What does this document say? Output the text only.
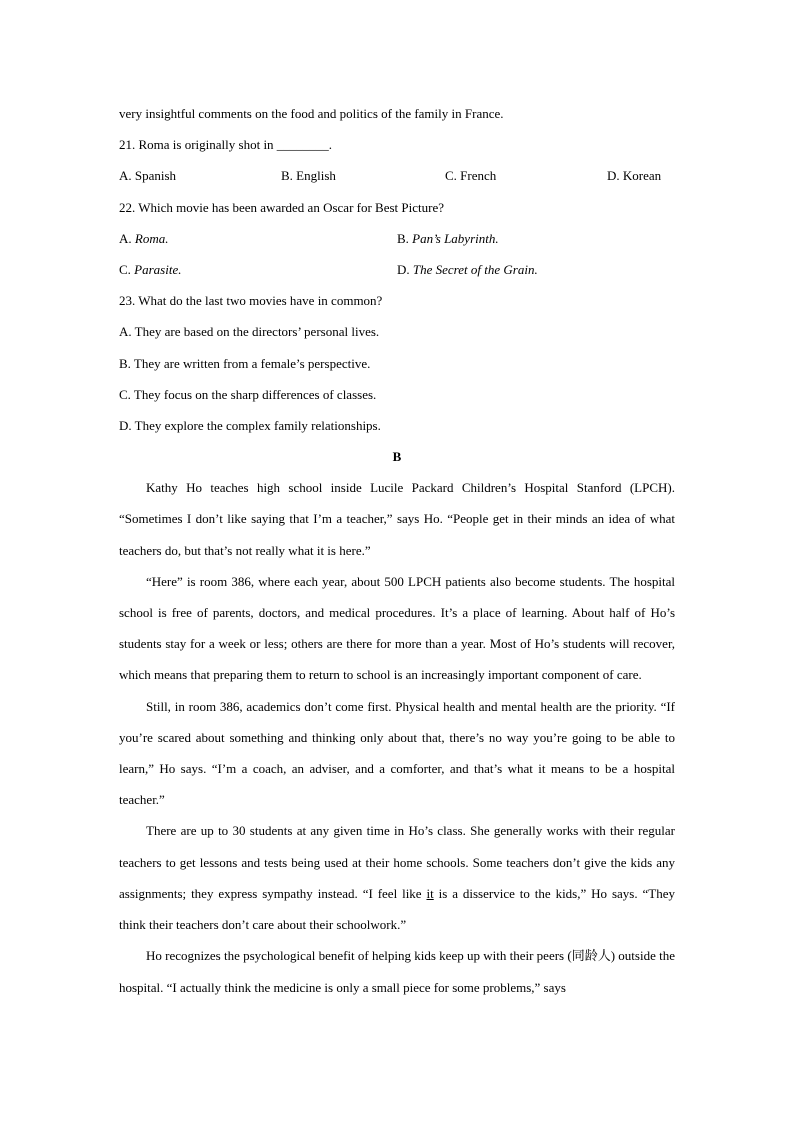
very insightful comments on the food and politics of the family in France.
21. Roma is originally shot in ________.
A. Spanish	B. English	C. French	D. Korean
22. Which movie has been awarded an Oscar for Best Picture?
A. Roma.	B. Pan’s Labyrinth.
C. Parasite.	D. The Secret of the Grain.
23. What do the last two movies have in common?
A. They are based on the directors’ personal lives.
B. They are written from a female’s perspective.
C. They focus on the sharp differences of classes.
D. They explore the complex family relationships.
B

Kathy Ho teaches high school inside Lucile Packard Children’s Hospital Stanford (LPCH). “Sometimes I don’t like saying that I’m a teacher,” says Ho. “People get in their minds an idea of what teachers do, but that’s not really what it is here.”

“Here” is room 386, where each year, about 500 LPCH patients also become students. The hospital school is free of parents, doctors, and medical procedures. It’s a place of learning. About half of Ho’s students stay for a week or less; others are there for more than a year. Most of Ho’s students will recover, which means that preparing them to return to school is an increasingly important component of care.

Still, in room 386, academics don’t come first. Physical health and mental health are the priority. “If you’re scared about something and thinking only about that, there’s no way you’re going to be able to learn,” Ho says. “I’m a coach, an adviser, and a comforter, and that’s what it means to be a hospital teacher.”

There are up to 30 students at any given time in Ho’s class. She generally works with their regular teachers to get lessons and tests being used at their home schools. Some teachers don’t give the kids any assignments; they express sympathy instead. “I feel like it is a disservice to the kids,” Ho says. “They think their teachers don’t care about their schoolwork.”

Ho recognizes the psychological benefit of helping kids keep up with their peers (同龄人) outside the hospital. “I actually think the medicine is only a small piece for some problems,” says
